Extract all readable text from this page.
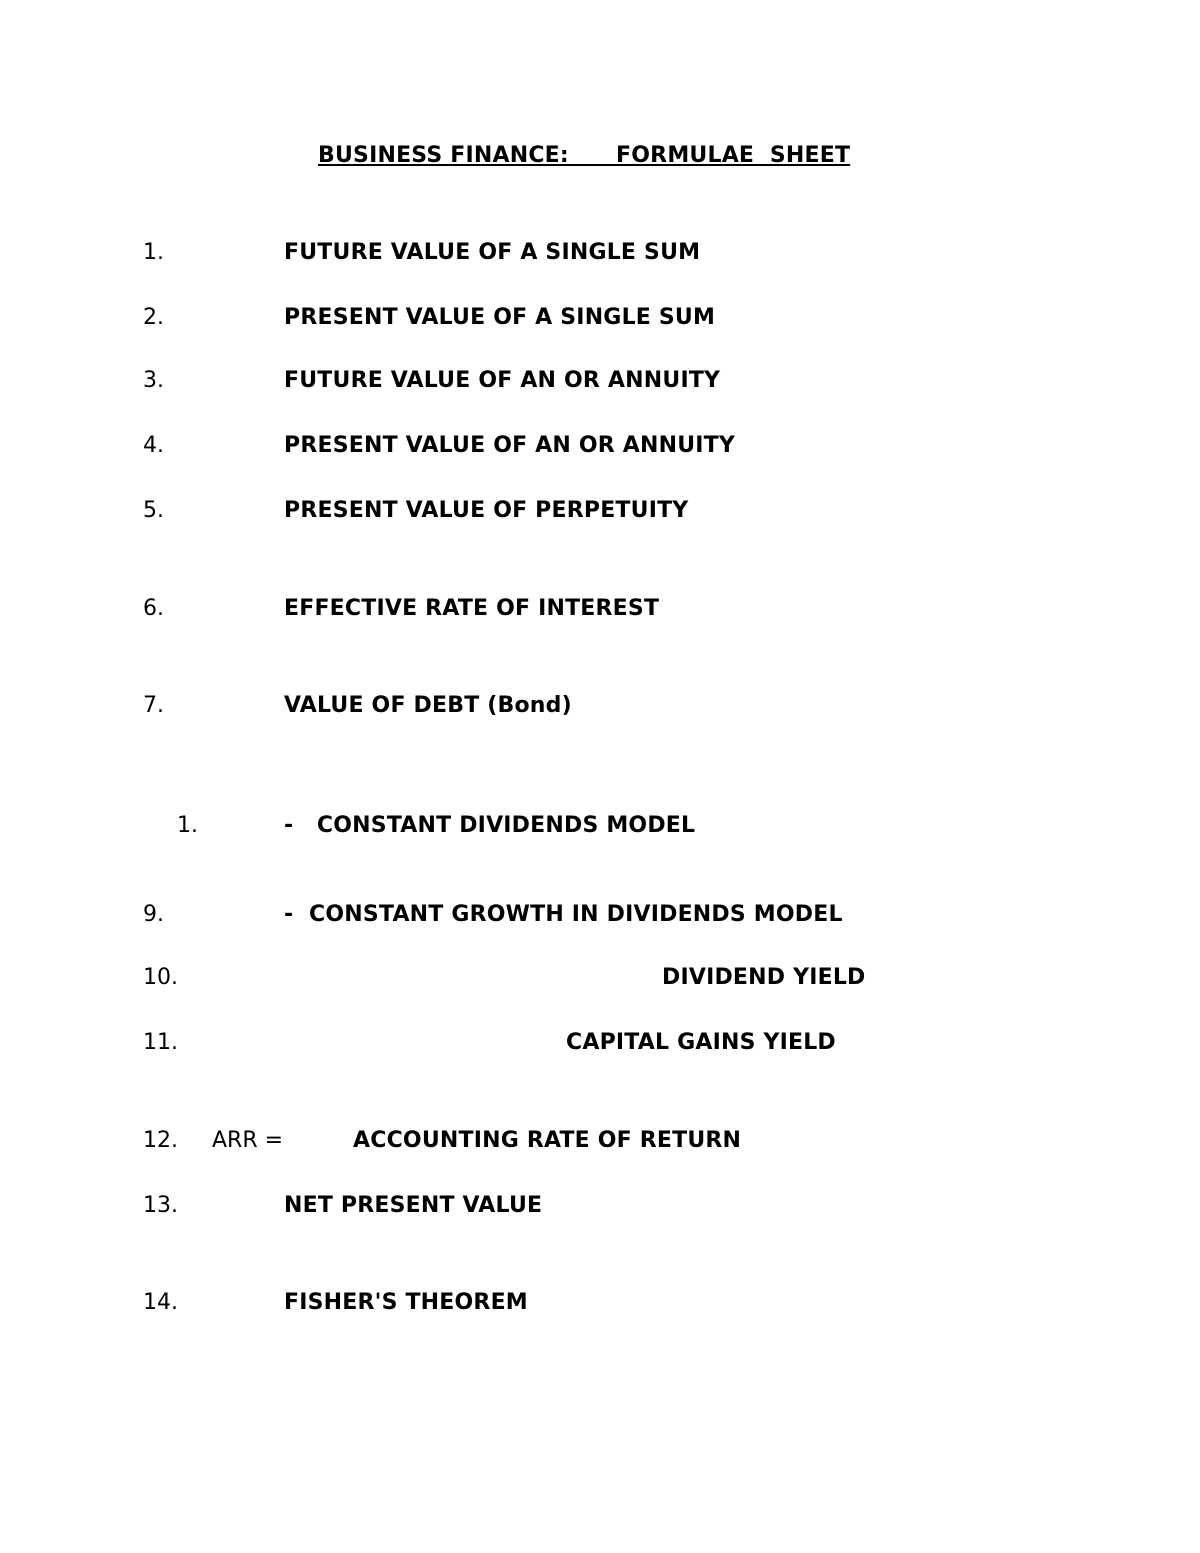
BUSINESS FINANCE:      FORMULAE  SHEET
1.	FUTURE VALUE OF A SINGLE SUM
2.	PRESENT VALUE OF A SINGLE SUM
3.	FUTURE VALUE OF AN OR ANNUITY
4.	PRESENT VALUE OF AN OR ANNUITY
5.	PRESENT VALUE OF PERPETUITY
6.	EFFECTIVE RATE OF INTEREST
7.	VALUE OF DEBT (Bond)
1.	-   CONSTANT DIVIDENDS MODEL
9.	-  CONSTANT GROWTH IN DIVIDENDS MODEL
10.	DIVIDEND YIELD
11.	CAPITAL GAINS YIELD
12. ARR =	ACCOUNTING RATE OF RETURN
13.	NET PRESENT VALUE
14.	FISHER'S THEOREM
